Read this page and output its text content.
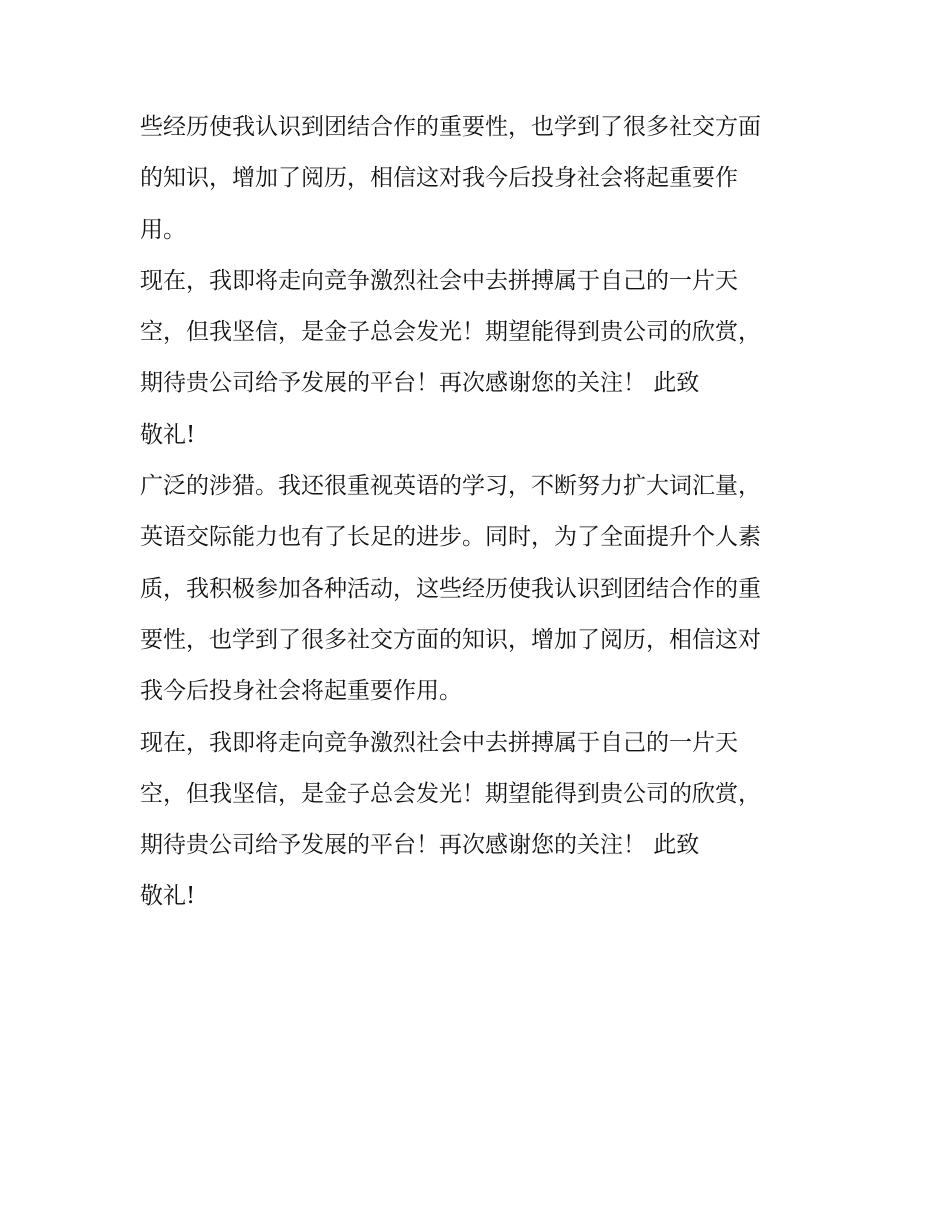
些经历使我认识到团结合作的重要性，也学到了很多社交方面
的知识，增加了阅历，相信这对我今后投身社会将起重要作
用。
现在，我即将走向竞争激烈社会中去拼搏属于自己的一片天
空，但我坚信，是金子总会发光！期望能得到贵公司的欣赏，
期待贵公司给予发展的平台！再次感谢您的关注！ 此致
敬礼!
广泛的涉猎。我还很重视英语的学习，不断努力扩大词汇量，
英语交际能力也有了长足的进步。同时，为了全面提升个人素
质，我积极参加各种活动，这些经历使我认识到团结合作的重
要性，也学到了很多社交方面的知识，增加了阅历，相信这对
我今后投身社会将起重要作用。
现在，我即将走向竞争激烈社会中去拼搏属于自己的一片天
空，但我坚信，是金子总会发光！期望能得到贵公司的欣赏，
期待贵公司给予发展的平台！再次感谢您的关注！ 此致
敬礼!
